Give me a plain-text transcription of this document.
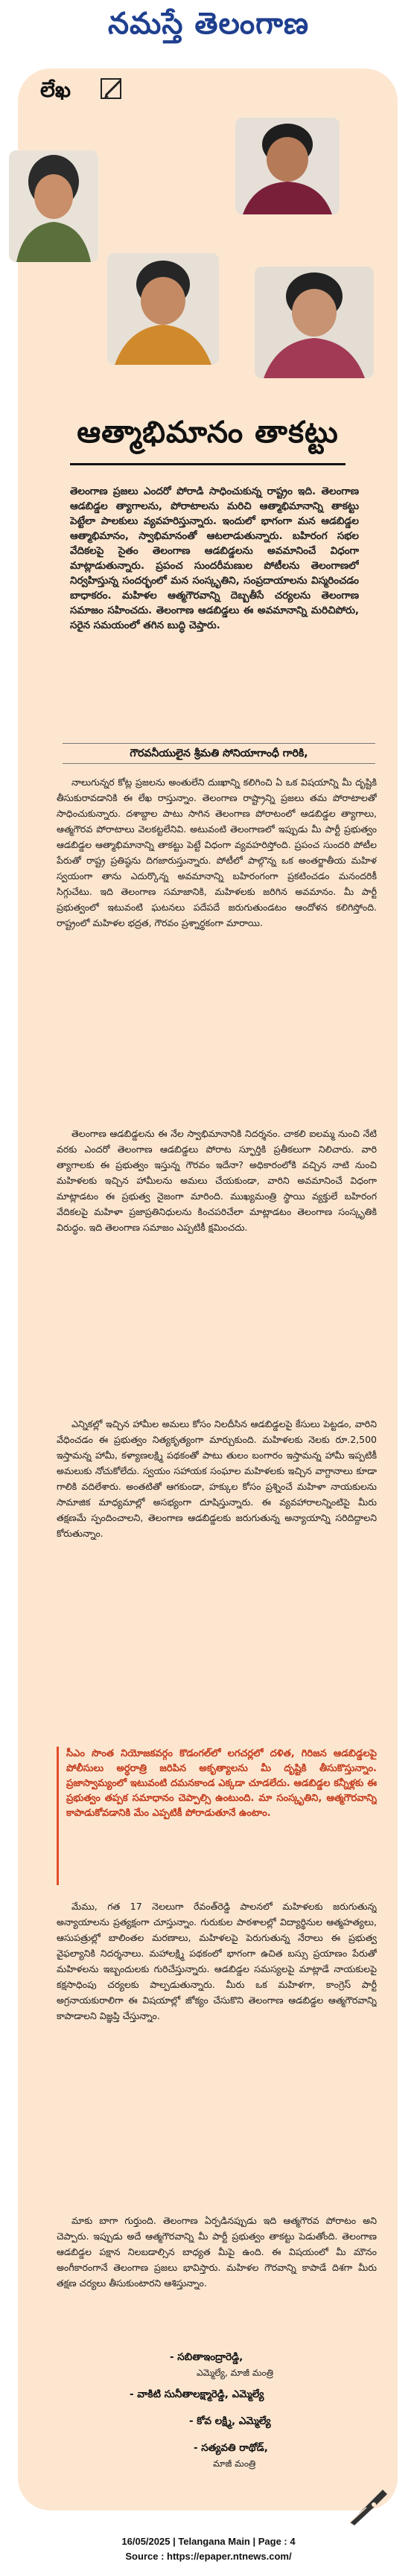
నమస్తే తెలంగాణ
లేఖ
ఆత్మాభిమానం తాకట్టు
తెలంగాణ ప్రజలు ఎందరో పోరాడి సాధించుకున్న రాష్ట్రం ఇది. తెలంగాణ ఆడబిడ్డల త్యాగాలను, పోరాటాలను మరిచి ఆత్మాభిమానాన్ని తాకట్టు పెట్టేలా పాలకులు వ్యవహరిస్తున్నారు. ఇందులో భాగంగా మన ఆడబిడ్డల ఆత్మాభిమానం, స్వాభిమానంతో ఆటలాడుతున్నారు. బహిరంగ సభల వేదికలపై సైతం తెలంగాణ ఆడబిడ్డలను అవమానించే విధంగా మాట్లాడుతున్నారు. ప్రపంచ సుందరీమణుల పోటీలను తెలంగాణలో నిర్వహిస్తున్న సందర్భంలో మన సంస్కృతిని, సంప్రదాయాలను విస్మరించడం బాధాకరం. మహిళల ఆత్మగౌరవాన్ని దెబ్బతీసే చర్యలను తెలంగాణ సమాజం సహించదు. తెలంగాణ ఆడబిడ్డలు ఈ అవమానాన్ని మరిచిపోరు, సరైన సమయంలో తగిన బుద్ధి చెప్తారు.
గౌరవనీయులైన శ్రీమతి సోనియాగాంధీ గారికి,
నాలుగున్నర కోట్ల ప్రజలను అంతులేని దుఃఖాన్ని కలిగించి ఏ ఒక విషయాన్ని మీ దృష్టికి తీసుకురావడానికి ఈ లేఖ రాస్తున్నాం. తెలంగాణ రాష్ట్రాన్ని ప్రజలు తమ పోరాటాలతో సాధించుకున్నారు. దశాబ్దాల పాటు సాగిన తెలంగాణ పోరాటంలో ఆడబిడ్డల త్యాగాలు, ఆత్మగౌరవ పోరాటాలు వెలకట్టలేనివి. అటువంటి తెలంగాణలో ఇప్పుడు మీ పార్టీ ప్రభుత్వం ఆడబిడ్డల ఆత్మాభిమానాన్ని తాకట్టు పెట్టే విధంగా వ్యవహరిస్తోంది. ప్రపంచ సుందరి పోటీల పేరుతో రాష్ట్ర ప్రతిష్ఠను దిగజారుస్తున్నారు. పోటీలో పాల్గొన్న ఒక అంతర్జాతీయ మహిళ స్వయంగా తాను ఎదుర్కొన్న అవమానాన్ని బహిరంగంగా ప్రకటించడం మనందరికీ సిగ్గుచేటు. ఇది తెలంగాణ సమాజానికి, మహిళలకు జరిగిన అవమానం. మీ పార్టీ ప్రభుత్వంలో ఇటువంటి ఘటనలు పదేపదే జరుగుతుండటం ఆందోళన కలిగిస్తోంది. రాష్ట్రంలో మహిళల భద్రత, గౌరవం ప్రశ్నార్థకంగా మారాయి.
తెలంగాణ ఆడబిడ్డలను ఈ నేల స్వాభిమానానికి నిదర్శనం. చాకలి ఐలమ్మ నుంచి నేటి వరకు ఎందరో తెలంగాణ ఆడబిడ్డలు పోరాట స్ఫూర్తికి ప్రతీకలుగా నిలిచారు. వారి త్యాగాలకు ఈ ప్రభుత్వం ఇస్తున్న గౌరవం ఇదేనా? అధికారంలోకి వచ్చిన నాటి నుంచి మహిళలకు ఇచ్చిన హామీలను అమలు చేయకుండా, వారిని అవమానించే విధంగా మాట్లాడటం ఈ ప్రభుత్వ నైజంగా మారింది. ముఖ్యమంత్రి స్థాయి వ్యక్తులే బహిరంగ వేదికలపై మహిళా ప్రజాప్రతినిధులను కించపరిచేలా మాట్లాడటం తెలంగాణ సంస్కృతికి విరుద్ధం. ఇది తెలంగాణ సమాజం ఎప్పటికీ క్షమించదు.
ఎన్నికల్లో ఇచ్చిన హామీల అమలు కోసం నిలదీసిన ఆడబిడ్డలపై కేసులు పెట్టడం, వారిని వేధించడం ఈ ప్రభుత్వం నిత్యకృత్యంగా మార్చుకుంది. మహిళలకు నెలకు రూ.2,500 ఇస్తామన్న హామీ, కళ్యాణలక్ష్మి పథకంతో పాటు తులం బంగారం ఇస్తామన్న హామీ ఇప్పటికీ అమలుకు నోచుకోలేదు. స్వయం సహాయక సంఘాల మహిళలకు ఇచ్చిన వాగ్దానాలు కూడా గాలికి వదిలేశారు. అంతటితో ఆగకుండా, హక్కుల కోసం ప్రశ్నించే మహిళా నాయకులను సామాజిక మాధ్యమాల్లో అసభ్యంగా దూషిస్తున్నారు. ఈ వ్యవహారాలన్నింటిపై మీరు తక్షణమే స్పందించాలని, తెలంగాణ ఆడబిడ్డలకు జరుగుతున్న అన్యాయాన్ని సరిదిద్దాలని కోరుతున్నాం.
సీఎం సొంత నియోజకవర్గం కొడంగల్‌లో లగచర్లలో దళిత, గిరిజన ఆడబిడ్డలపై పోలీసులు అర్ధరాత్రి జరిపిన అకృత్యాలను మీ దృష్టికి తీసుకొస్తున్నాం. ప్రజాస్వామ్యంలో ఇటువంటి దమనకాండ ఎక్కడా చూడలేదు. ఆడబిడ్డల కన్నీళ్లకు ఈ ప్రభుత్వం తప్పక సమాధానం చెప్పాల్సి ఉంటుంది. మా సంస్కృతిని, ఆత్మగౌరవాన్ని కాపాడుకోవడానికి మేం ఎప్పటికీ పోరాడుతూనే ఉంటాం.
మేము, గత 17 నెలలుగా రేవంత్‌రెడ్డి పాలనలో మహిళలకు జరుగుతున్న అన్యాయాలను ప్రత్యక్షంగా చూస్తున్నాం. గురుకుల పాఠశాలల్లో విద్యార్థినుల ఆత్మహత్యలు, ఆసుపత్రుల్లో బాలింతల మరణాలు, మహిళలపై పెరుగుతున్న నేరాలు ఈ ప్రభుత్వ వైఫల్యానికి నిదర్శనాలు. మహాలక్ష్మి పథకంలో భాగంగా ఉచిత బస్సు ప్రయాణం పేరుతో మహిళలను ఇబ్బందులకు గురిచేస్తున్నారు. ఆడబిడ్డల సమస్యలపై మాట్లాడే నాయకులపై కక్షసాధింపు చర్యలకు పాల్పడుతున్నారు. మీరు ఒక మహిళగా, కాంగ్రెస్ పార్టీ అగ్రనాయకురాలిగా ఈ విషయాల్లో జోక్యం చేసుకొని తెలంగాణ ఆడబిడ్డల ఆత్మగౌరవాన్ని కాపాడాలని విజ్ఞప్తి చేస్తున్నాం.
మాకు బాగా గుర్తుంది. తెలంగాణ ఏర్పడినప్పుడు ఇది ఆత్మగౌరవ పోరాటం అని చెప్పారు. ఇప్పుడు అదే ఆత్మగౌరవాన్ని మీ పార్టీ ప్రభుత్వం తాకట్టు పెడుతోంది. తెలంగాణ ఆడబిడ్డల పక్షాన నిలబడాల్సిన బాధ్యత మీపై ఉంది. ఈ విషయంలో మీ మౌనం అంగీకారంగానే తెలంగాణ ప్రజలు భావిస్తారు. మహిళల గౌరవాన్ని కాపాడే దిశగా మీరు తక్షణ చర్యలు తీసుకుంటారని ఆశిస్తున్నాం.
- సబితాఇంద్రారెడ్డి,
ఎమ్మెల్యే, మాజీ మంత్రి
- వాకిటి సునీతాలక్ష్మారెడ్డి, ఎమ్మెల్యే
- కోవ లక్ష్మి, ఎమ్మెల్యే
- సత్యవతి రాథోడ్,
మాజీ మంత్రి
16/05/2025 | Telangana Main | Page : 4
Source : https://epaper.ntnews.com/
